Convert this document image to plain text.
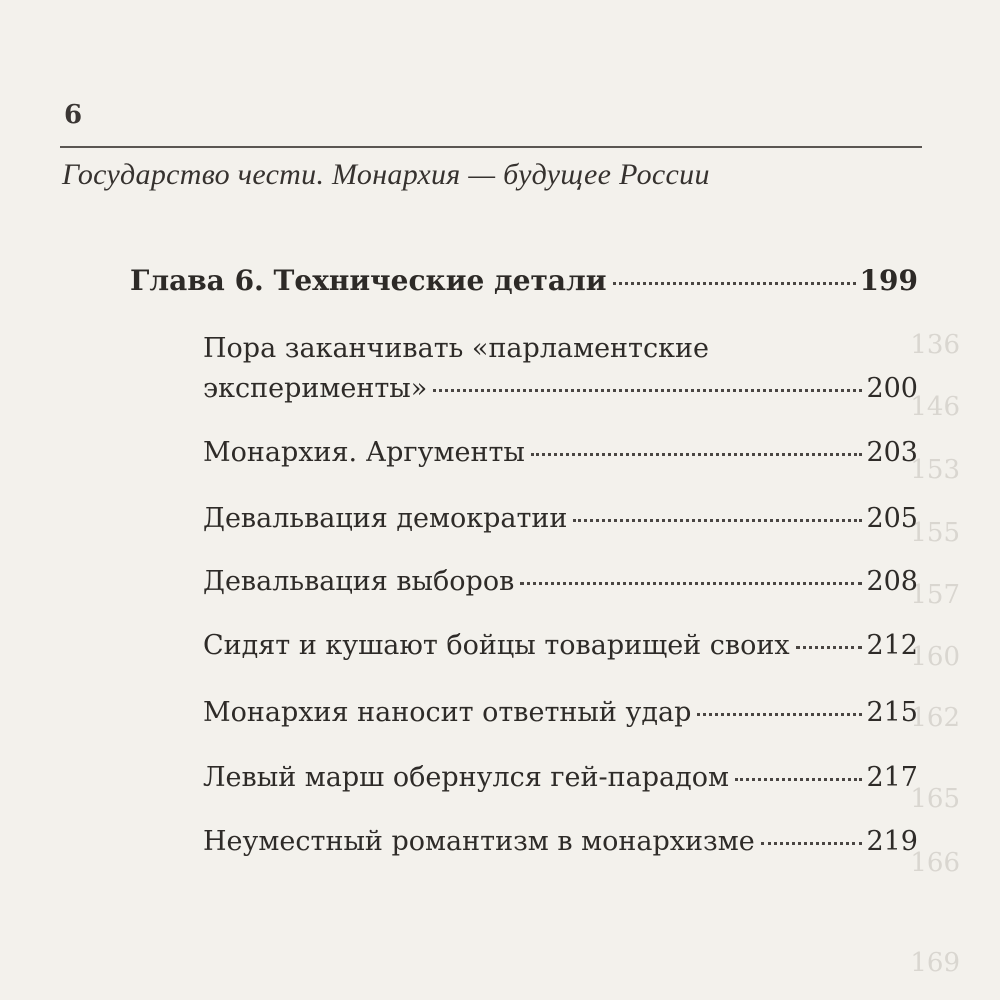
136
146
153
155
157
160
162
165
166
169
6
Государство чести. Монархия — будущее России
Глава 6. Технические детали	199
Пора заканчивать «парламентские
эксперименты»	200
Монархия. Аргументы	203
Девальвация демократии	205
Девальвация выборов	208
Сидят и кушают бойцы товарищей своих	212
Монархия наносит ответный удар	215
Левый марш обернулся гей-парадом	217
Неуместный романтизм в монархизме	219
